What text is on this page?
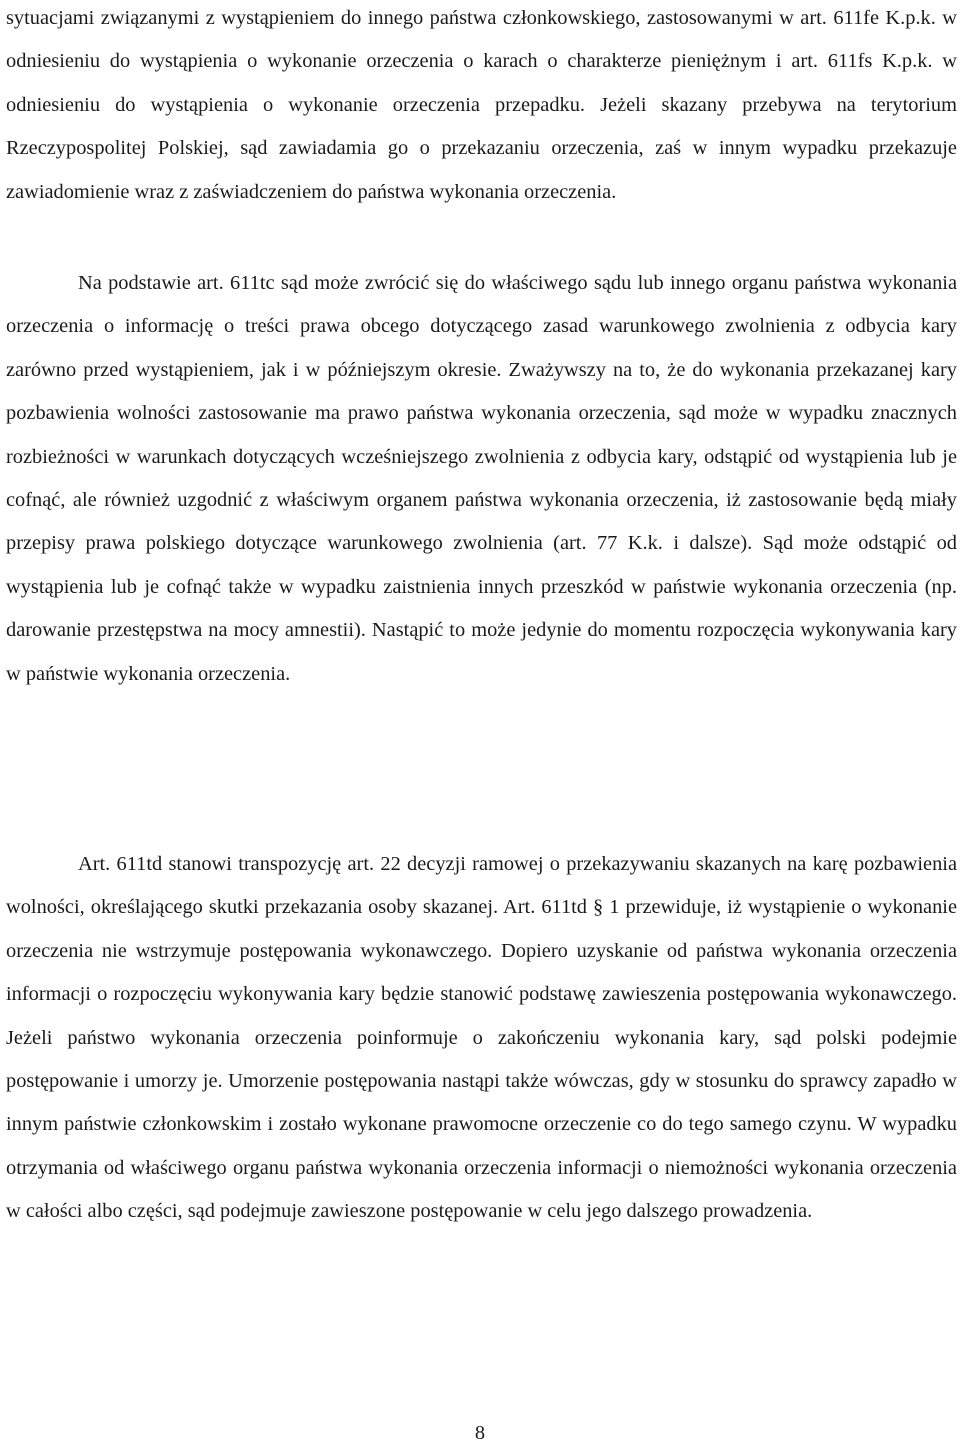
sytuacjami związanymi z wystąpieniem do innego państwa członkowskiego, zastosowanymi w art. 611fe K.p.k. w odniesieniu do wystąpienia o wykonanie orzeczenia o karach o charakterze pieniężnym i art. 611fs K.p.k. w odniesieniu do wystąpienia o wykonanie orzeczenia przepadku. Jeżeli skazany przebywa na terytorium Rzeczypospolitej Polskiej, sąd zawiadamia go o przekazaniu orzeczenia, zaś w innym wypadku przekazuje zawiadomienie wraz z zaświadczeniem do państwa wykonania orzeczenia.

Na podstawie art. 611tc sąd może zwrócić się do właściwego sądu lub innego organu państwa wykonania orzeczenia o informację o treści prawa obcego dotyczącego zasad warunkowego zwolnienia z odbycia kary zarówno przed wystąpieniem, jak i w późniejszym okresie. Zważywszy na to, że do wykonania przekazanej kary pozbawienia wolności zastosowanie ma prawo państwa wykonania orzeczenia, sąd może w wypadku znacznych rozbieżności w warunkach dotyczących wcześniejszego zwolnienia z odbycia kary, odstąpić od wystąpienia lub je cofnąć, ale również uzgodnić z właściwym organem państwa wykonania orzeczenia, iż zastosowanie będą miały przepisy prawa polskiego dotyczące warunkowego zwolnienia (art. 77 K.k. i dalsze). Sąd może odstąpić od wystąpienia lub je cofnąć także w wypadku zaistnienia innych przeszkód w państwie wykonania orzeczenia (np. darowanie przestępstwa na mocy amnestii). Nastąpić to może jedynie do momentu rozpoczęcia wykonywania kary w państwie wykonania orzeczenia.

Art. 611td stanowi transpozycję art. 22 decyzji ramowej o przekazywaniu skazanych na karę pozbawienia wolności, określającego skutki przekazania osoby skazanej. Art. 611td § 1 przewiduje, iż wystąpienie o wykonanie orzeczenia nie wstrzymuje postępowania wykonawczego. Dopiero uzyskanie od państwa wykonania orzeczenia informacji o rozpoczęciu wykonywania kary będzie stanowić podstawę zawieszenia postępowania wykonawczego. Jeżeli państwo wykonania orzeczenia poinformuje o zakończeniu wykonania kary, sąd polski podejmie postępowanie i umorzy je. Umorzenie postępowania nastąpi także wówczas, gdy w stosunku do sprawcy zapadło w innym państwie członkowskim i zostało wykonane prawomocne orzeczenie co do tego samego czynu. W wypadku otrzymania od właściwego organu państwa wykonania orzeczenia informacji o niemożności wykonania orzeczenia w całości albo części, sąd podejmuje zawieszone postępowanie w celu jego dalszego prowadzenia.

8
